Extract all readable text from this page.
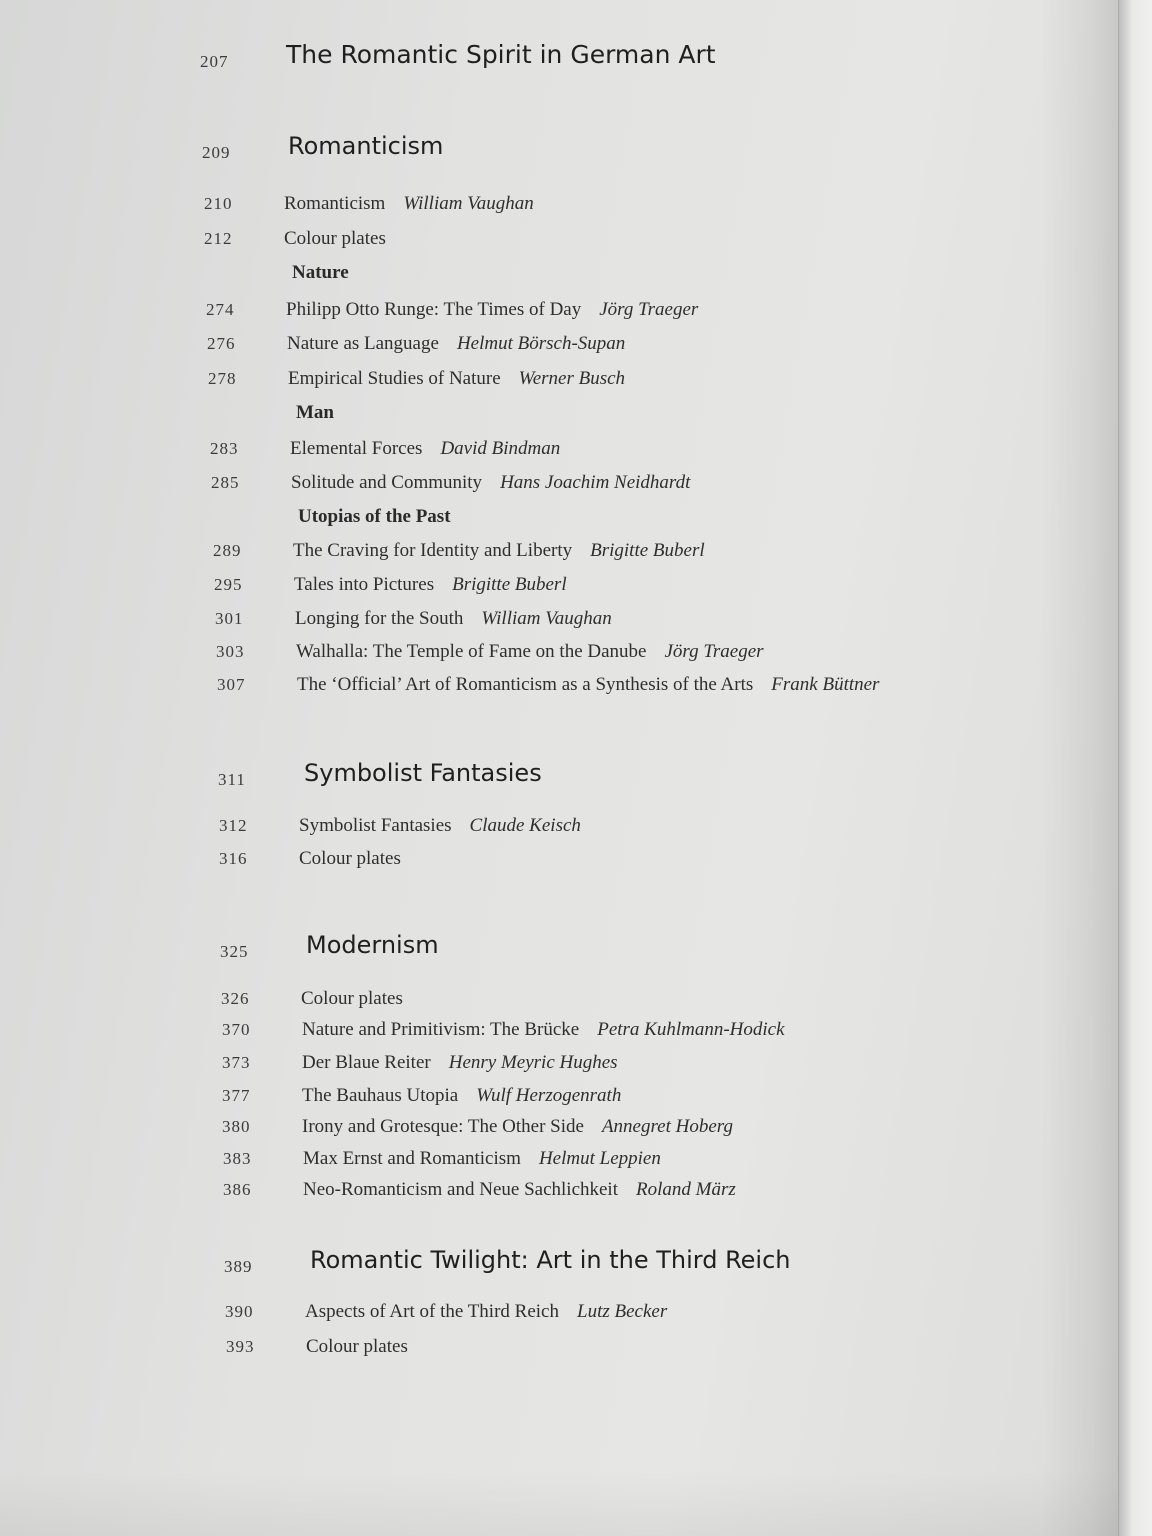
207 The Romantic Spirit in German Art
209 Romanticism
210	Romanticism William Vaughan
212	Colour plates
Nature
274	Philipp Otto Runge: The Times of Day Jörg Traeger
276	Nature as Language Helmut Börsch-Supan
278	Empirical Studies of Nature Werner Busch
Man
283	Elemental Forces David Bindman
285	Solitude and Community Hans Joachim Neidhardt
Utopias of the Past
289	The Craving for Identity and Liberty Brigitte Buberl
295	Tales into Pictures Brigitte Buberl
301	Longing for the South William Vaughan
303	Walhalla: The Temple of Fame on the Danube Jörg Traeger
307	The ‘Official’ Art of Romanticism as a Synthesis of the Arts Frank Büttner
311 Symbolist Fantasies
312	Symbolist Fantasies Claude Keisch
316	Colour plates
325 Modernism
326	Colour plates
370	Nature and Primitivism: The Brücke Petra Kuhlmann-Hodick
373	Der Blaue Reiter Henry Meyric Hughes
377	The Bauhaus Utopia Wulf Herzogenrath
380	Irony and Grotesque: The Other Side Annegret Hoberg
383	Max Ernst and Romanticism Helmut Leppien
386	Neo-Romanticism and Neue Sachlichkeit Roland März
389 Romantic Twilight: Art in the Third Reich
390	Aspects of Art of the Third Reich Lutz Becker
393	Colour plates
